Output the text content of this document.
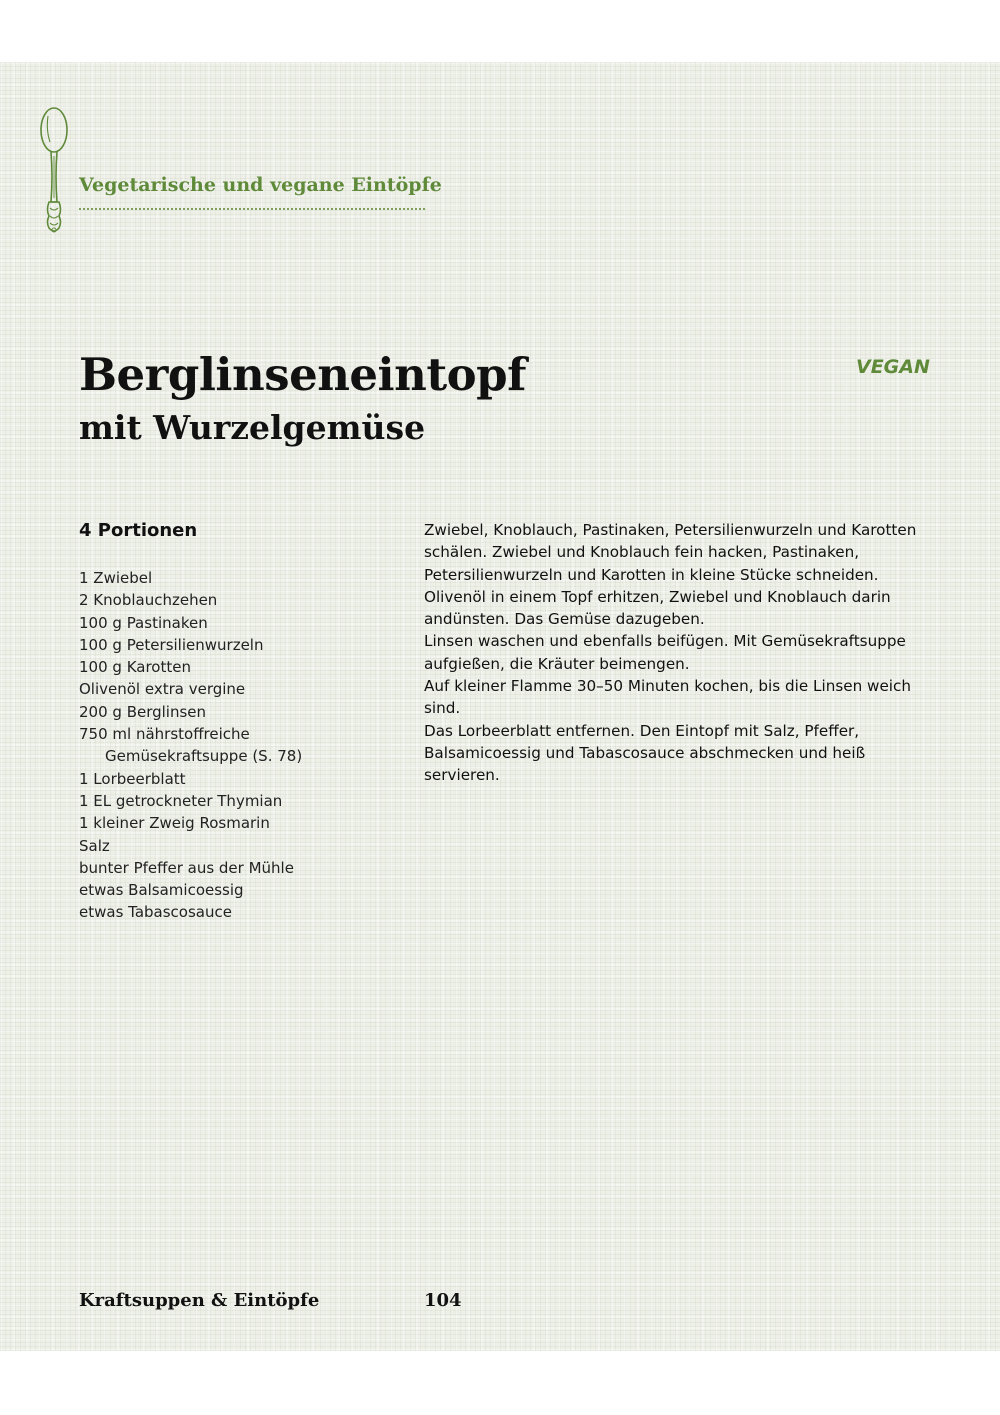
Vegetarische und vegane Eintöpfe
Berglinseneintopf
mit Wurzelgemüse
VEGAN
4 Portionen
1 Zwiebel
2 Knoblauchzehen
100 g Pastinaken
100 g Petersilienwurzeln
100 g Karotten
Olivenöl extra vergine
200 g Berglinsen
750 ml nährstoffreiche
Gemüsekraftsuppe (S. 78)
1 Lorbeerblatt
1 EL getrockneter Thymian
1 kleiner Zweig Rosmarin
Salz
bunter Pfeffer aus der Mühle
etwas Balsamicoessig
etwas Tabascosauce

Zwiebel, Knoblauch, Pastinaken, Petersilienwurzeln und Karotten schälen. Zwiebel und Knoblauch fein hacken, Pastinaken, Petersilienwurzeln und Karotten in kleine Stücke schneiden.

Olivenöl in einem Topf erhitzen, Zwiebel und Knoblauch darin andünsten. Das Gemüse dazugeben.

Linsen waschen und ebenfalls beifügen. Mit Gemüsekraftsuppe aufgießen, die Kräuter beimengen.

Auf kleiner Flamme 30–50 Minuten kochen, bis die Linsen weich sind.

Das Lorbeerblatt entfernen. Den Eintopf mit Salz, Pfeffer, Balsamicoessig und Tabascosauce abschmecken und heiß servieren.

Kraftsuppen & Eintöpfe	104
